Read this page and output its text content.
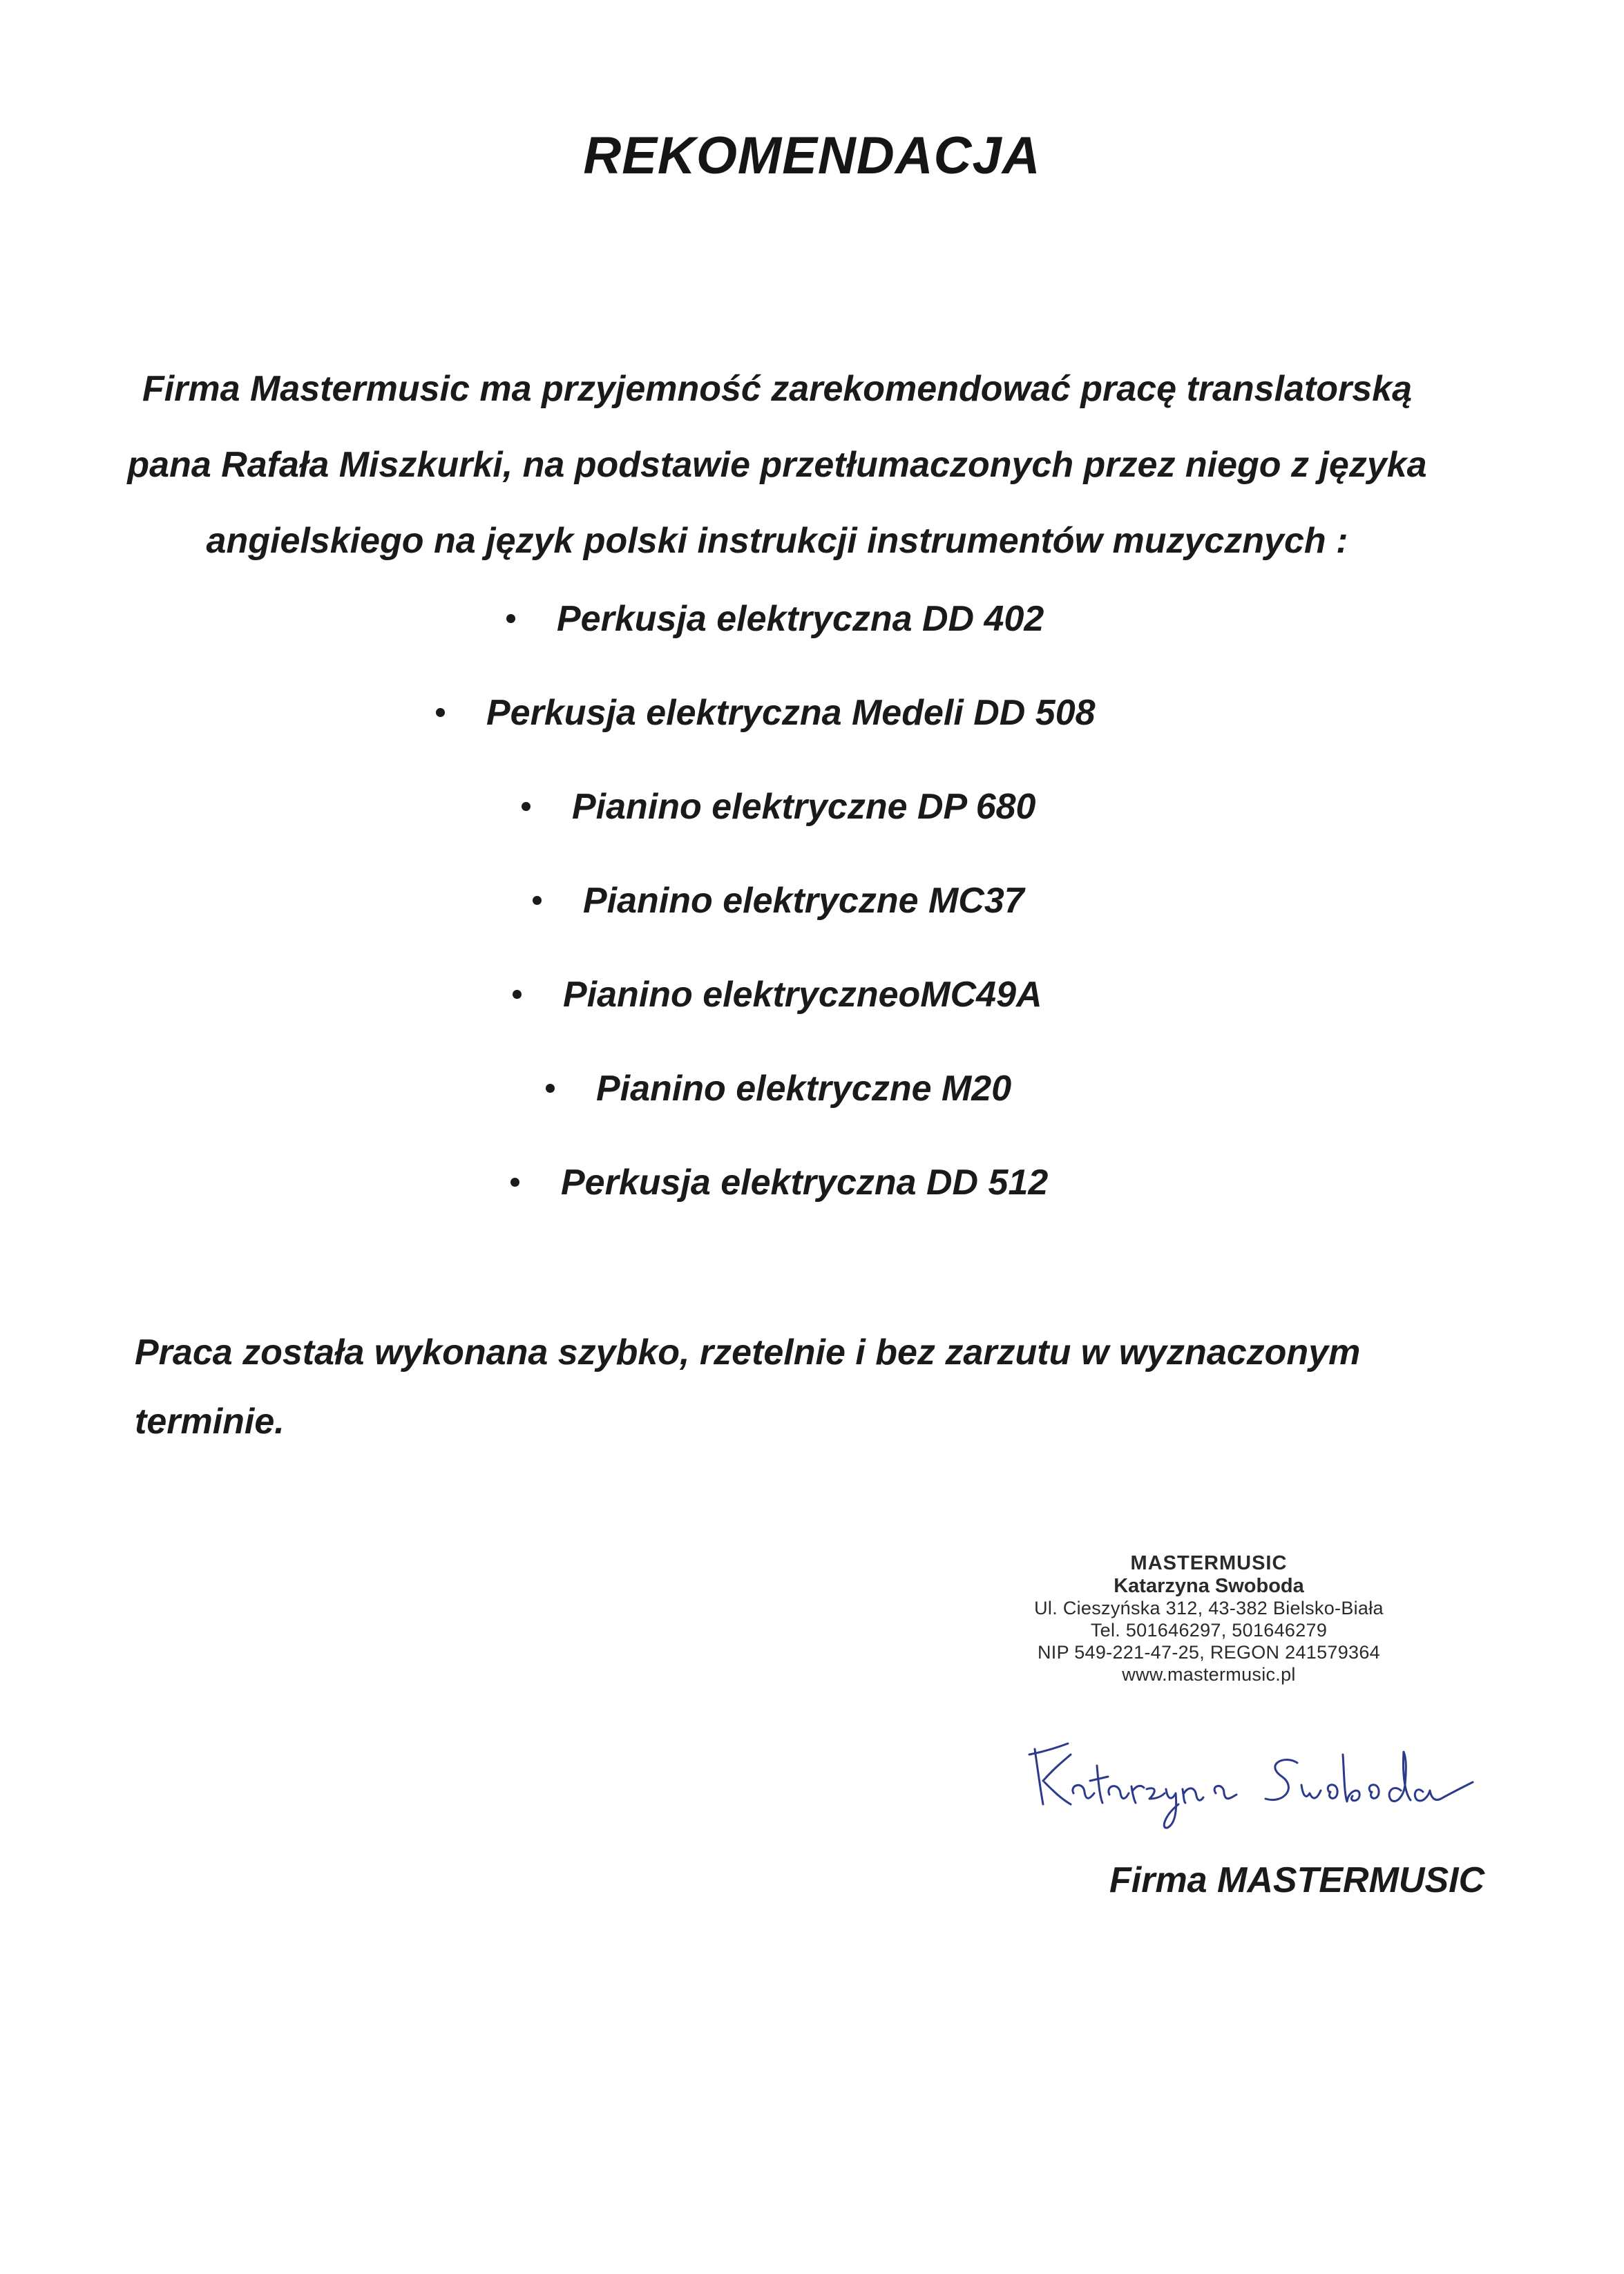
REKOMENDACJA

Firma Mastermusic ma przyjemność zarekomendować pracę translatorską
pana Rafała Miszkurki, na podstawie przetłumaczonych przez niego z języka
angielskiego na język polski instrukcji instrumentów muzycznych :

Perkusja elektryczna DD 402
Perkusja elektryczna Medeli DD 508
Pianino elektryczne DP 680
Pianino elektryczne MC37
Pianino elektryczneoMC49A
Pianino elektryczne M20
Perkusja elektryczna DD 512

Praca została wykonana szybko, rzetelnie i bez zarzutu w wyznaczonym
terminie.

MASTERMUSIC
Katarzyna Swoboda
Ul. Cieszyńska 312, 43-382 Bielsko-Biała
Tel. 501646297, 501646279
NIP 549-221-47-25, REGON 241579364
www.mastermusic.pl

Firma MASTERMUSIC
